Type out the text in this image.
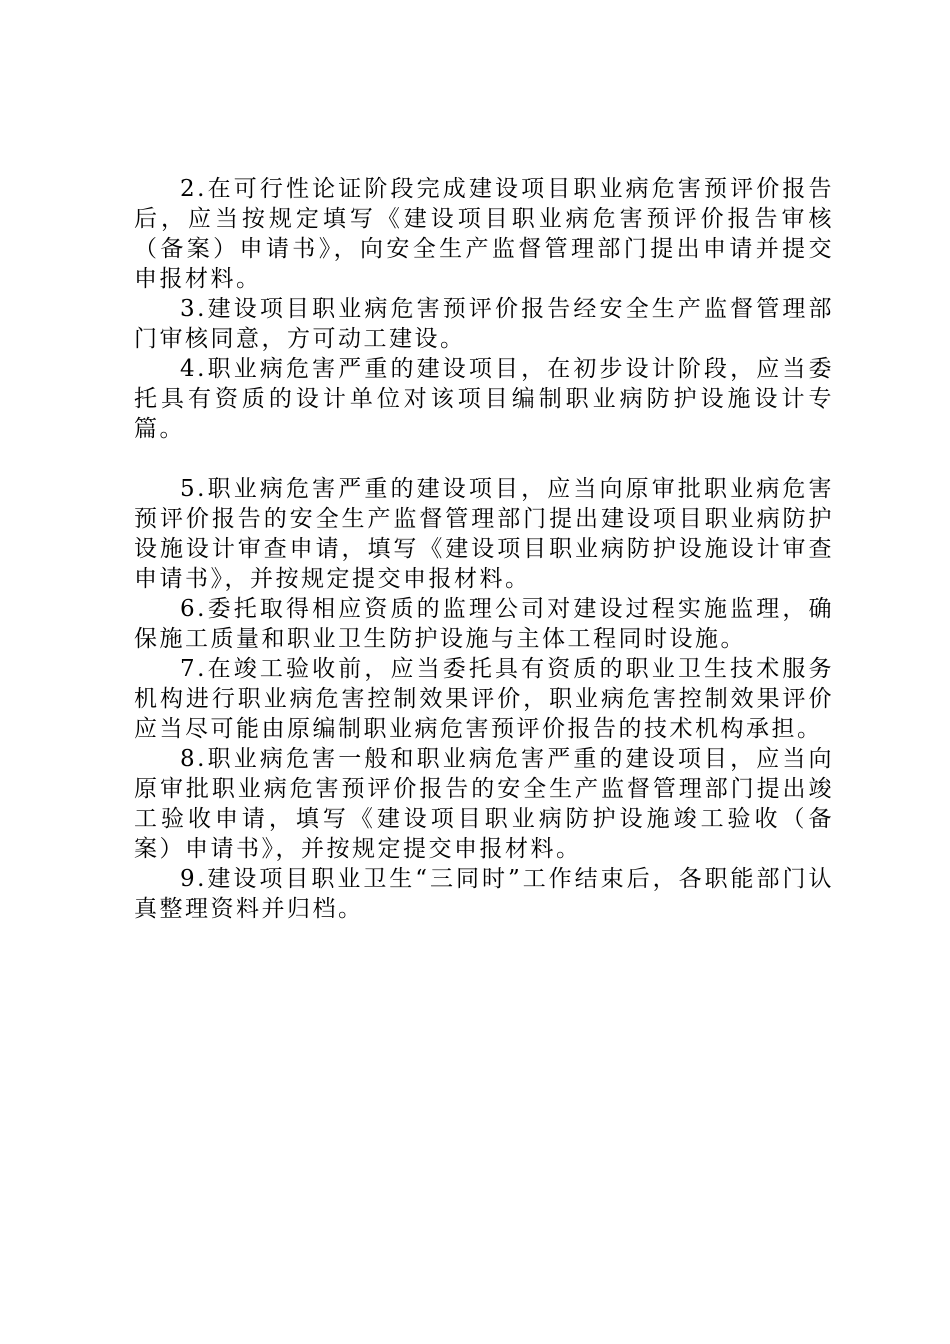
2.在可行性论证阶段完成建设项目职业病危害预评价报告后，应当按规定填写《建设项目职业病危害预评价报告审核（备案）申请书》，向安全生产监督管理部门提出申请并提交申报材料。

3.建设项目职业病危害预评价报告经安全生产监督管理部门审核同意，方可动工建设。

4.职业病危害严重的建设项目，在初步设计阶段，应当委托具有资质的设计单位对该项目编制职业病防护设施设计专篇。

5.职业病危害严重的建设项目，应当向原审批职业病危害预评价报告的安全生产监督管理部门提出建设项目职业病防护设施设计审查申请，填写《建设项目职业病防护设施设计审查申请书》，并按规定提交申报材料。

6.委托取得相应资质的监理公司对建设过程实施监理，确保施工质量和职业卫生防护设施与主体工程同时设施。

7.在竣工验收前，应当委托具有资质的职业卫生技术服务机构进行职业病危害控制效果评价，职业病危害控制效果评价应当尽可能由原编制职业病危害预评价报告的技术机构承担。

8.职业病危害一般和职业病危害严重的建设项目，应当向原审批职业病危害预评价报告的安全生产监督管理部门提出竣工验收申请，填写《建设项目职业病防护设施竣工验收（备案）申请书》，并按规定提交申报材料。

9.建设项目职业卫生“三同时”工作结束后，各职能部门认真整理资料并归档。
